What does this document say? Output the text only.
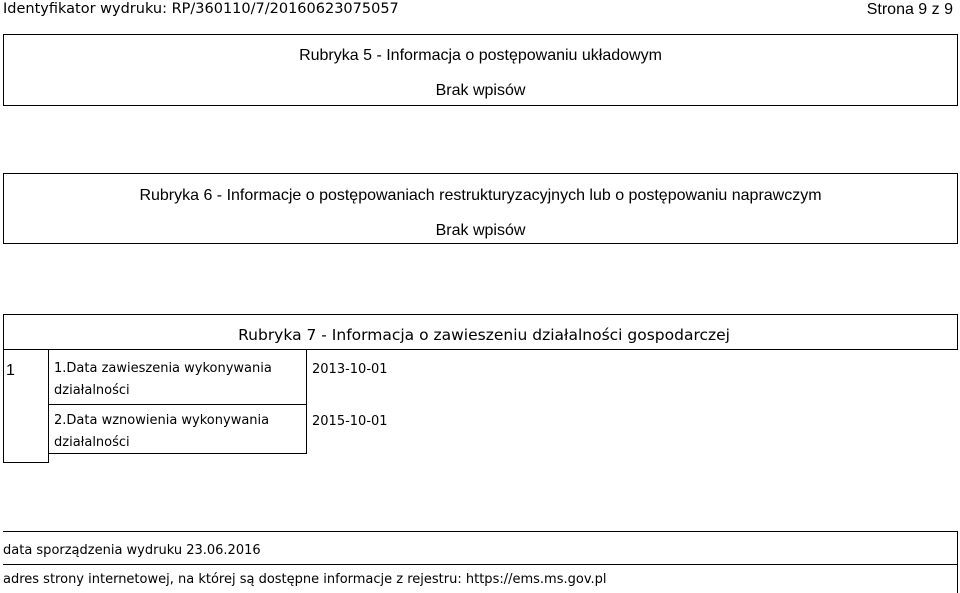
Identyfikator wydruku: RP/360110/7/20160623075057	Strona 9 z 9
Rubryka 5 - Informacja o postępowaniu układowym
Brak wpisów
Rubryka 6 - Informacje o postępowaniach restrukturyzacyjnych lub o postępowaniu naprawczym
Brak wpisów
Rubryka 7 - Informacja o zawieszeniu działalności gospodarczej
1	1.Data zawieszenia wykonywania
działalności
2013-10-01
2.Data wznowienia wykonywania
działalności
2015-10-01
data sporządzenia wydruku 23.06.2016
adres strony internetowej, na której są dostępne informacje z rejestru: https://ems.ms.gov.pl
